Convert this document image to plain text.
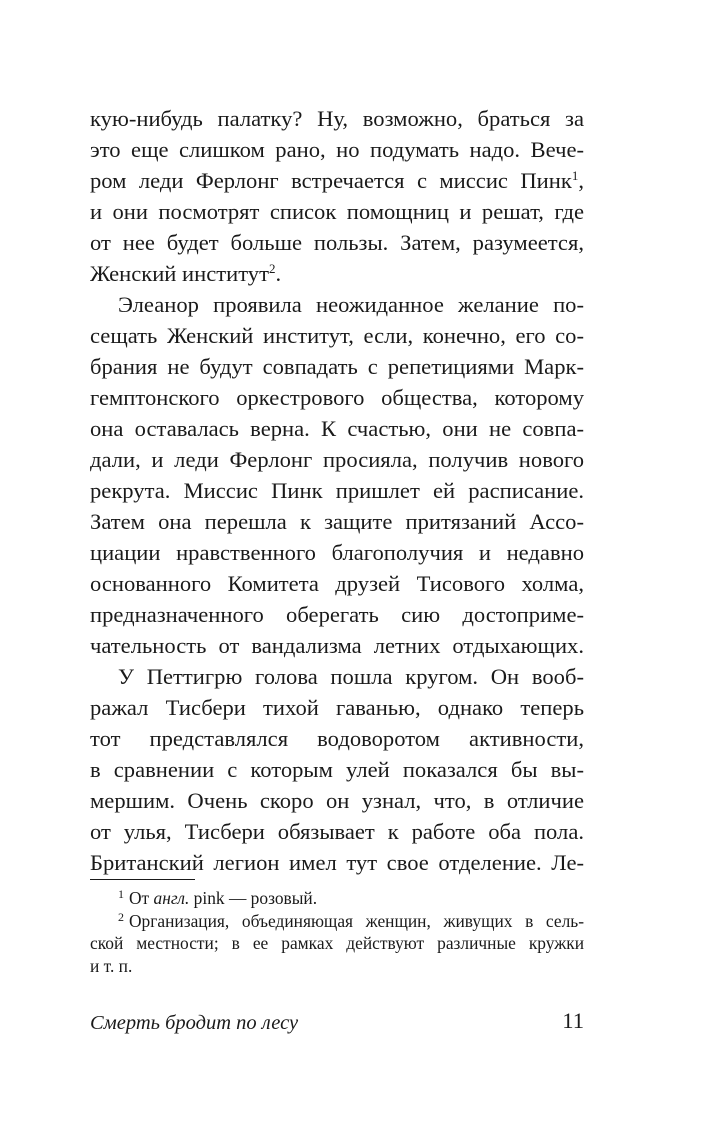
кую-нибудь палатку? Ну, возможно, браться за
это еще слишком рано, но подумать надо. Вече-
ром леди Ферлонг встречается с миссис Пинк$^1$,
и они посмотрят список помощниц и решат, где
от нее будет больше пользы. Затем, разумеется,
Женский институт$^2$.
Элеанор проявила неожиданное желание по-
сещать Женский институт, если, конечно, его со-
брания не будут совпадать с репетициями Марк-
гемптонского оркестрового общества, которому
она оставалась верна. К счастью, они не совпа-
дали, и леди Ферлонг просияла, получив нового
рекрута. Миссис Пинк пришлет ей расписание.
Затем она перешла к защите притязаний Ассо-
циации нравственного благополучия и недавно
основанного Комитета друзей Тисового холма,
предназначенного оберегать сию достоприме-
чательность от вандализма летних отдыхающих.
У Петтигрю голова пошла кругом. Он вооб-
ражал Тисбери тихой гаванью, однако теперь
тот представлялся водоворотом активности,
в сравнении с которым улей показался бы вы-
мершим. Очень скоро он узнал, что, в отличие
от улья, Тисбери обязывает к работе оба пола.
Британский легион имел тут свое отделение. Ле-
$^1$ От англ. pink — розовый.
$^2$ Организация, объединяющая женщин, живущих в сель-
ской местности; в ее рамках действуют различные кружки
и т. п.
Смерть бродит по лесу	11
